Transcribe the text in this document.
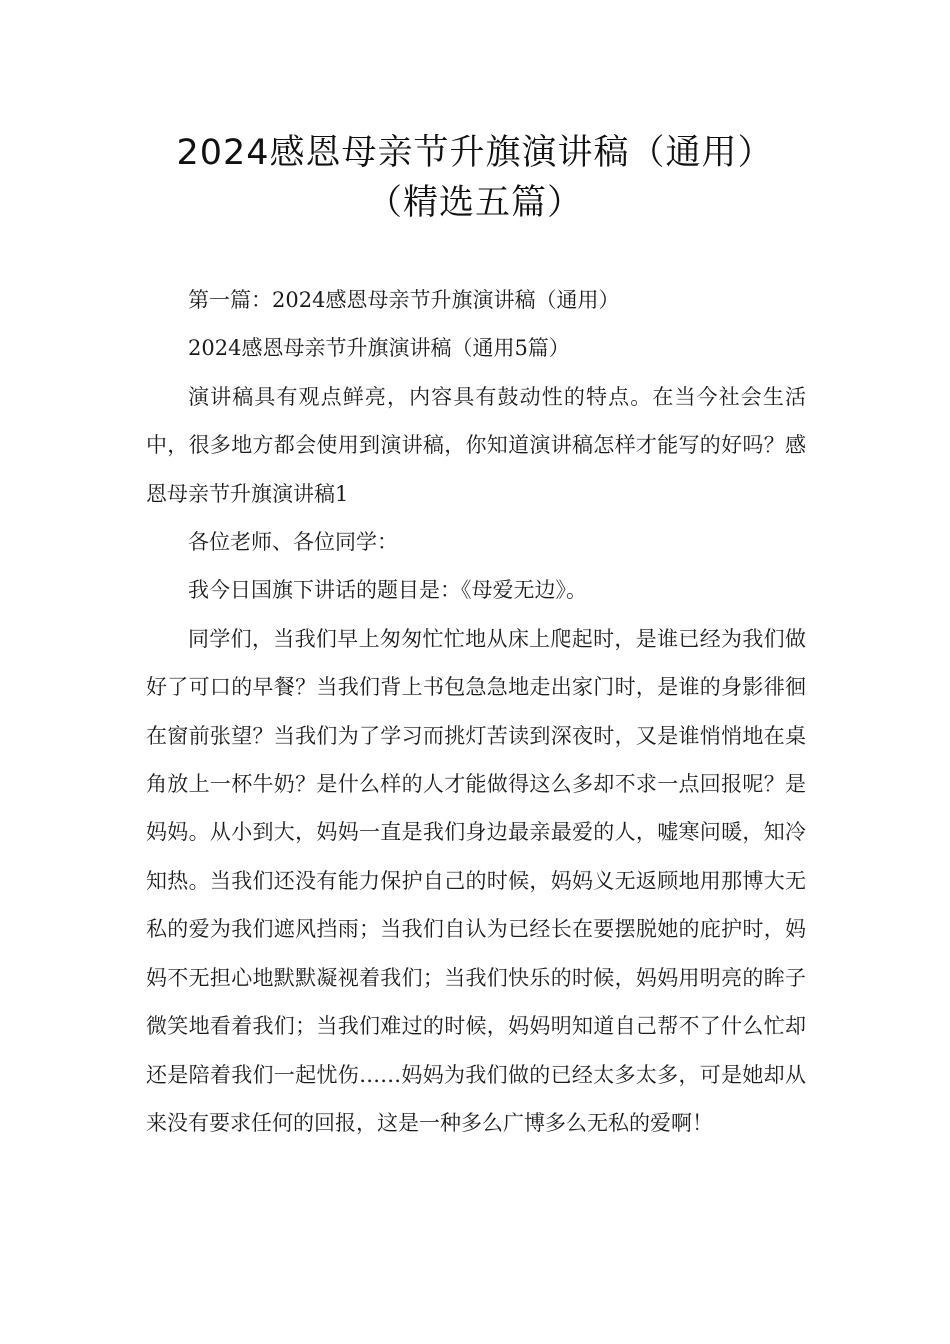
2024感恩母亲节升旗演讲稿（通用）
（精选五篇）

第一篇：2024感恩母亲节升旗演讲稿（通用）

2024感恩母亲节升旗演讲稿（通用5篇）

演讲稿具有观点鲜亮，内容具有鼓动性的特点。在当今社会生活中，很多地方都会使用到演讲稿，你知道演讲稿怎样才能写的好吗？感恩母亲节升旗演讲稿1

各位老师、各位同学：

我今日国旗下讲话的题目是：《母爱无边》。

同学们，当我们早上匆匆忙忙地从床上爬起时，是谁已经为我们做好了可口的早餐？当我们背上书包急急地走出家门时，是谁的身影徘徊在窗前张望？当我们为了学习而挑灯苦读到深夜时，又是谁悄悄地在桌角放上一杯牛奶？是什么样的人才能做得这么多却不求一点回报呢？是妈妈。从小到大，妈妈一直是我们身边最亲最爱的人，嘘寒问暖，知冷知热。当我们还没有能力保护自己的时候，妈妈义无返顾地用那博大无私的爱为我们遮风挡雨；当我们自认为已经长在要摆脱她的庇护时，妈妈不无担心地默默凝视着我们；当我们快乐的时候，妈妈用明亮的眸子微笑地看着我们；当我们难过的时候，妈妈明知道自己帮不了什么忙却还是陪着我们一起忧伤……妈妈为我们做的已经太多太多，可是她却从来没有要求任何的回报，这是一种多么广博多么无私的爱啊！
